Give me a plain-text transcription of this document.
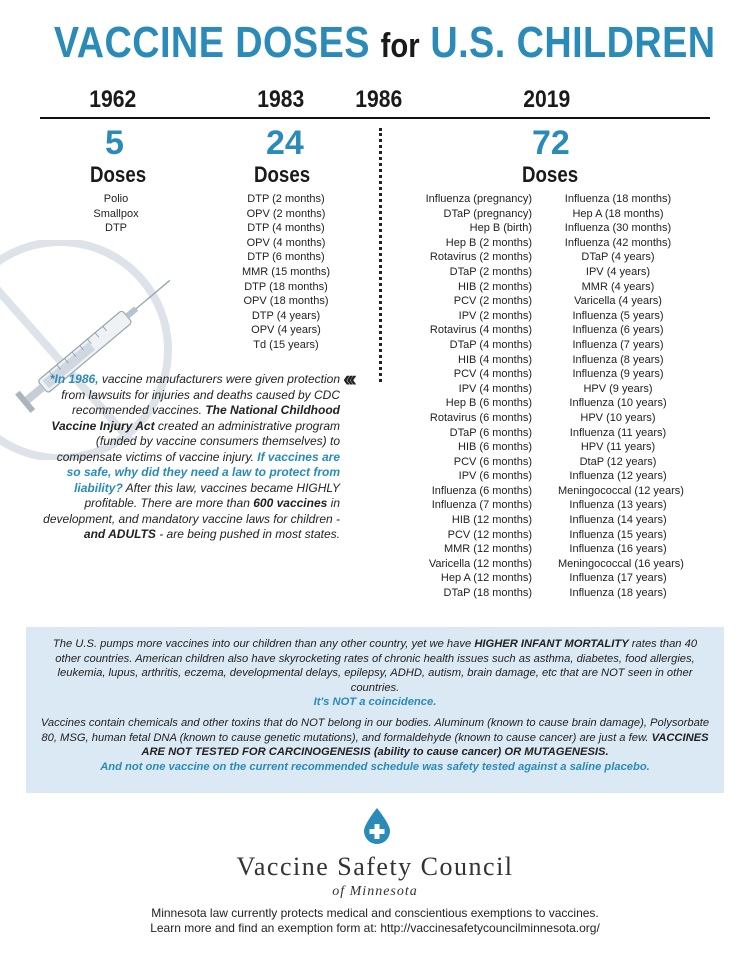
VACCINE DOSES for U.S. CHILDREN
1962	1983 1986	2019
5	24	72
Doses	Doses	Doses
Polio
Smallpox
DTP
DTP (2 months)
OPV (2 months)
DTP (4 months)
OPV (4 months)
DTP (6 months)
MMR (15 months)
DTP (18 months)
OPV (18 months)
DTP (4 years)
OPV (4 years)
Td (15 years)
‹‹‹
*In 1986, vaccine manufacturers were given protection from lawsuits for injuries and deaths caused by CDC recommended vaccines. The National Childhood Vaccine Injury Act created an administrative program (funded by vaccine consumers themselves) to compensate victims of vaccine injury. If vaccines are so safe, why did they need a law to protect from liability? After this law, vaccines became HIGHLY profitable. There are more than 600 vaccines in development, and mandatory vaccine laws for children - and ADULTS - are being pushed in most states.
Influenza (pregnancy)
DTaP (pregnancy)
Hep B (birth)
Hep B (2 months)
Rotavirus (2 months)
DTaP (2 months)
HIB (2 months)
PCV (2 months)
IPV (2 months)
Rotavirus (4 months)
DTaP (4 months)
HIB (4 months)
PCV (4 months)
IPV (4 months)
Hep B (6 months)
Rotavirus (6 months)
DTaP (6 months)
HIB (6 months)
PCV (6 months)
IPV (6 months)
Influenza (6 months)
Influenza (7 months)
HIB (12 months)
PCV (12 months)
MMR (12 months)
Varicella (12 months)
Hep A (12 months)
DTaP (18 months)
Influenza (18 months)
Hep A (18 months)
Influenza (30 months)
Influenza (42 months)
DTaP (4 years)
IPV (4 years)
MMR (4 years)
Varicella (4 years)
Influenza (5 years)
Influenza (6 years)
Influenza (7 years)
Influenza (8 years)
Influenza (9 years)
HPV (9 years)
Influenza (10 years)
HPV (10 years)
Influenza (11 years)
HPV (11 years)
DtaP (12 years)
Influenza (12 years)
Meningococcal (12 years)
Influenza (13 years)
Influenza (14 years)
Influenza (15 years)
Influenza (16 years)
Meningococcal (16 years)
Influenza (17 years)
Influenza (18 years)

The U.S. pumps more vaccines into our children than any other country, yet we have HIGHER INFANT MORTALITY rates than 40 other countries. American children also have skyrocketing rates of chronic health issues such as asthma, diabetes, food allergies, leukemia, lupus, arthritis, eczema, developmental delays, epilepsy, ADHD, autism, brain damage, etc that are NOT seen in other countries.
It's NOT a coincidence.

Vaccines contain chemicals and other toxins that do NOT belong in our bodies. Aluminum (known to cause brain damage), Polysorbate 80, MSG, human fetal DNA (known to cause genetic mutations), and formaldehyde (known to cause cancer) are just a few. VACCINES ARE NOT TESTED FOR CARCINOGENESIS (ability to cause cancer) OR MUTAGENESIS.
And not one vaccine on the current recommended schedule was safety tested against a saline placebo.

Vaccine Safety Council
of Minnesota
Minnesota law currently protects medical and conscientious exemptions to vaccines.
Learn more and find an exemption form at: http://vaccinesafetycouncilminnesota.org/
